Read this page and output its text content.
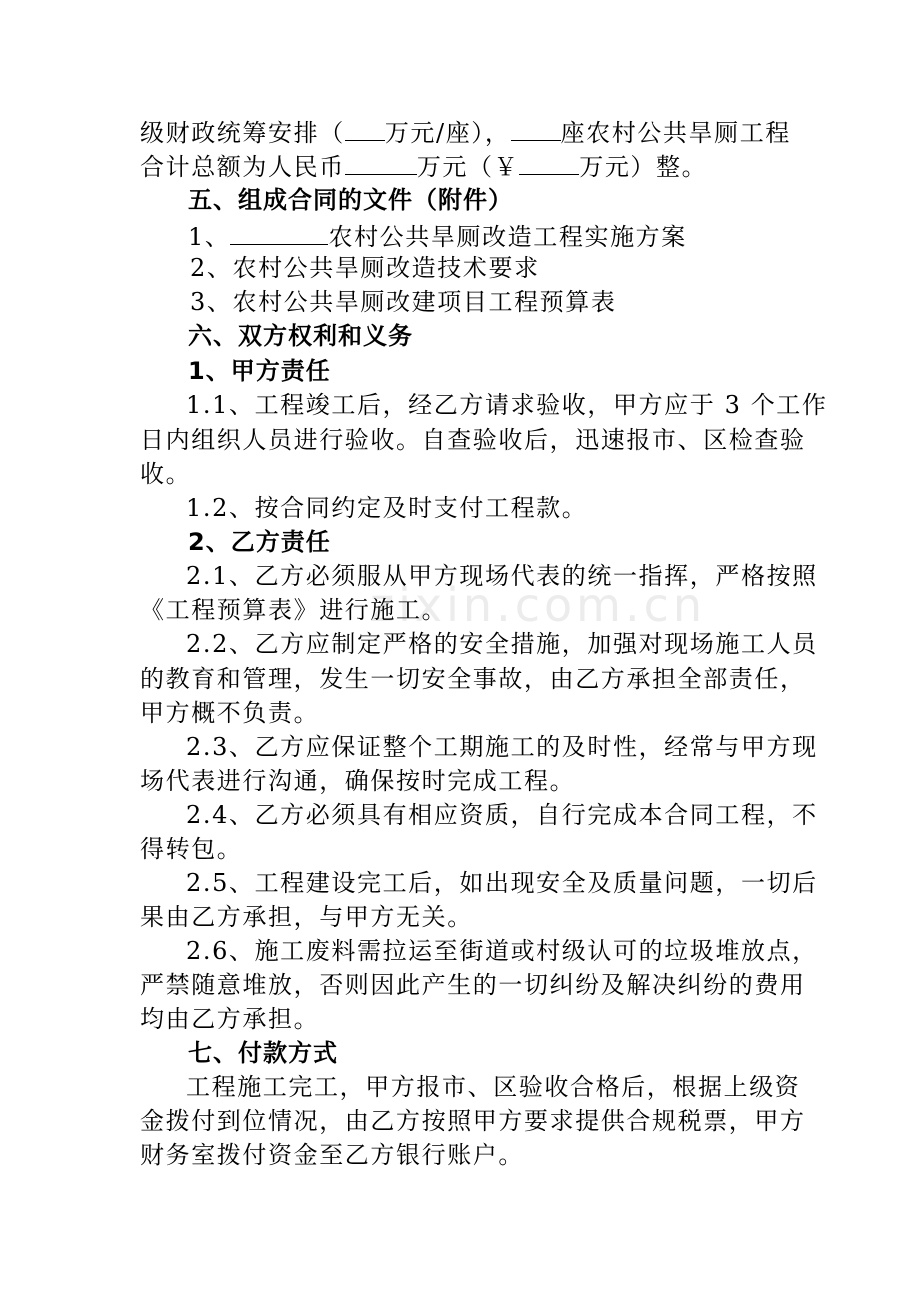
zixin.com.cn
级财政统筹安排（ 万元/座）， 座农村公共旱厕工程
合计总额为人民币	万元（￥	万元）整。
五、组成合同的文件（附件）
1、	农村公共旱厕改造工程实施方案
2、农村公共旱厕改造技术要求
3、农村公共旱厕改建项目工程预算表
六、双方权利和义务
1、甲方责任
1.1、工程竣工后，经乙方请求验收，甲方应于 3 个工作
日内组织人员进行验收。自查验收后，迅速报市、区检查验
收。
1.2、按合同约定及时支付工程款。
2、乙方责任
2.1、乙方必须服从甲方现场代表的统一指挥，严格按照
《工程预算表》进行施工。
2.2、乙方应制定严格的安全措施，加强对现场施工人员
的教育和管理，发生一切安全事故，由乙方承担全部责任，
甲方概不负责。
2.3、乙方应保证整个工期施工的及时性，经常与甲方现
场代表进行沟通，确保按时完成工程。
2.4、乙方必须具有相应资质，自行完成本合同工程，不
得转包。
2.5、工程建设完工后，如出现安全及质量问题，一切后
果由乙方承担，与甲方无关。
2.6、施工废料需拉运至街道或村级认可的垃圾堆放点，
严禁随意堆放，否则因此产生的一切纠纷及解决纠纷的费用
均由乙方承担。
七、付款方式
工程施工完工，甲方报市、区验收合格后，根据上级资
金拨付到位情况，由乙方按照甲方要求提供合规税票，甲方
财务室拨付资金至乙方银行账户。
